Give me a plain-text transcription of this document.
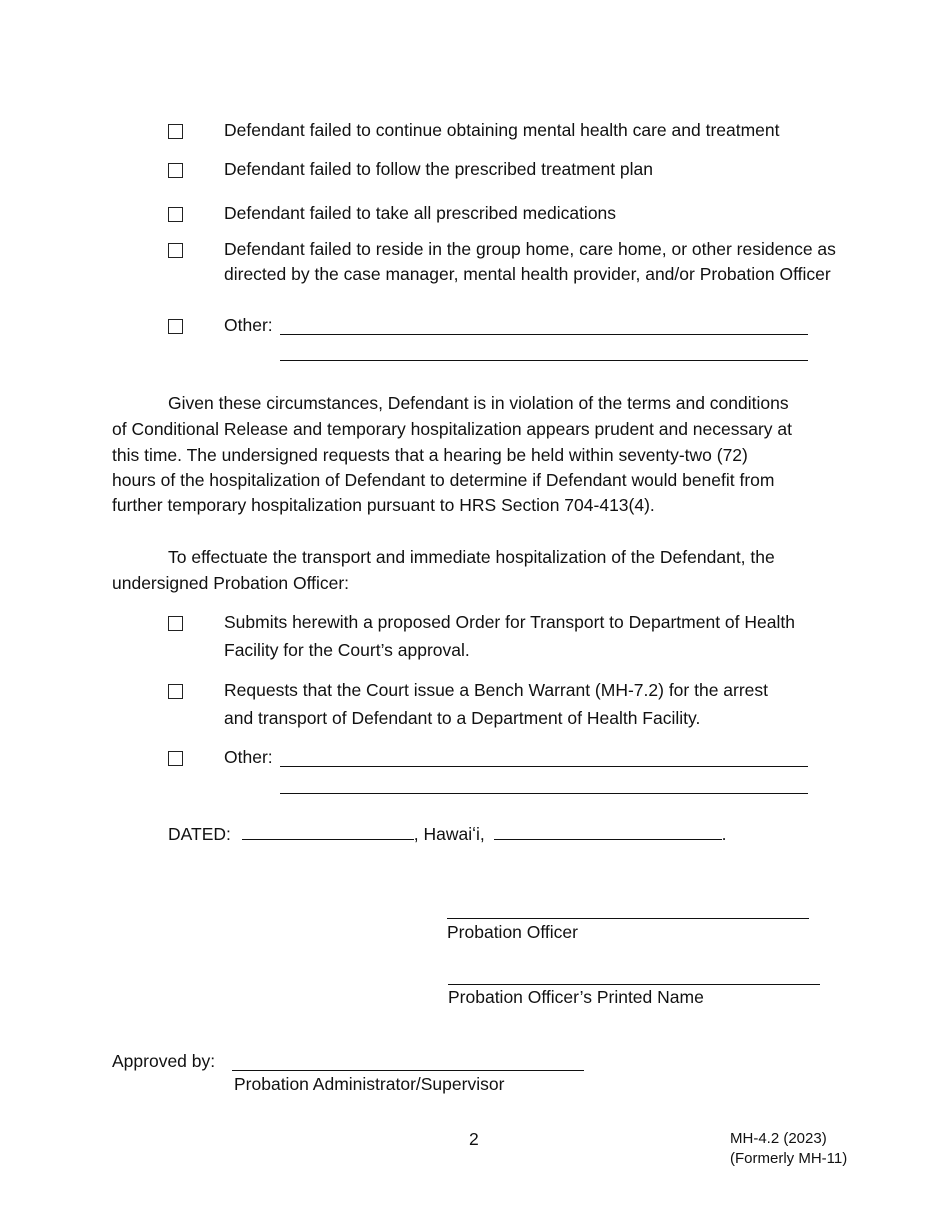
Defendant failed to continue obtaining mental health care and treatment
Defendant failed to follow the prescribed treatment plan
Defendant failed to take all prescribed medications
Defendant failed to reside in the group home, care home, or other residence as
directed by the case manager, mental health provider, and/or Probation Officer
Other:
Given these circumstances, Defendant is in violation of the terms and conditions
of Conditional Release and temporary hospitalization appears prudent and necessary at
this time. The undersigned requests that a hearing be held within seventy-two (72)
hours of the hospitalization of Defendant to determine if Defendant would benefit from
further temporary hospitalization pursuant to HRS Section 704-413(4).
To effectuate the transport and immediate hospitalization of the Defendant, the
undersigned Probation Officer:
Submits herewith a proposed Order for Transport to Department of Health
Facility for the Court’s approval.
Requests that the Court issue a Bench Warrant (MH-7.2) for the arrest
and transport of Defendant to a Department of Health Facility.
Other:
DATED:	, Hawaiʻi,	.
Probation Officer
Probation Officer’s Printed Name
Approved by:
Probation Administrator/Supervisor
2	MH-4.2 (2023)
(Formerly MH-11)
